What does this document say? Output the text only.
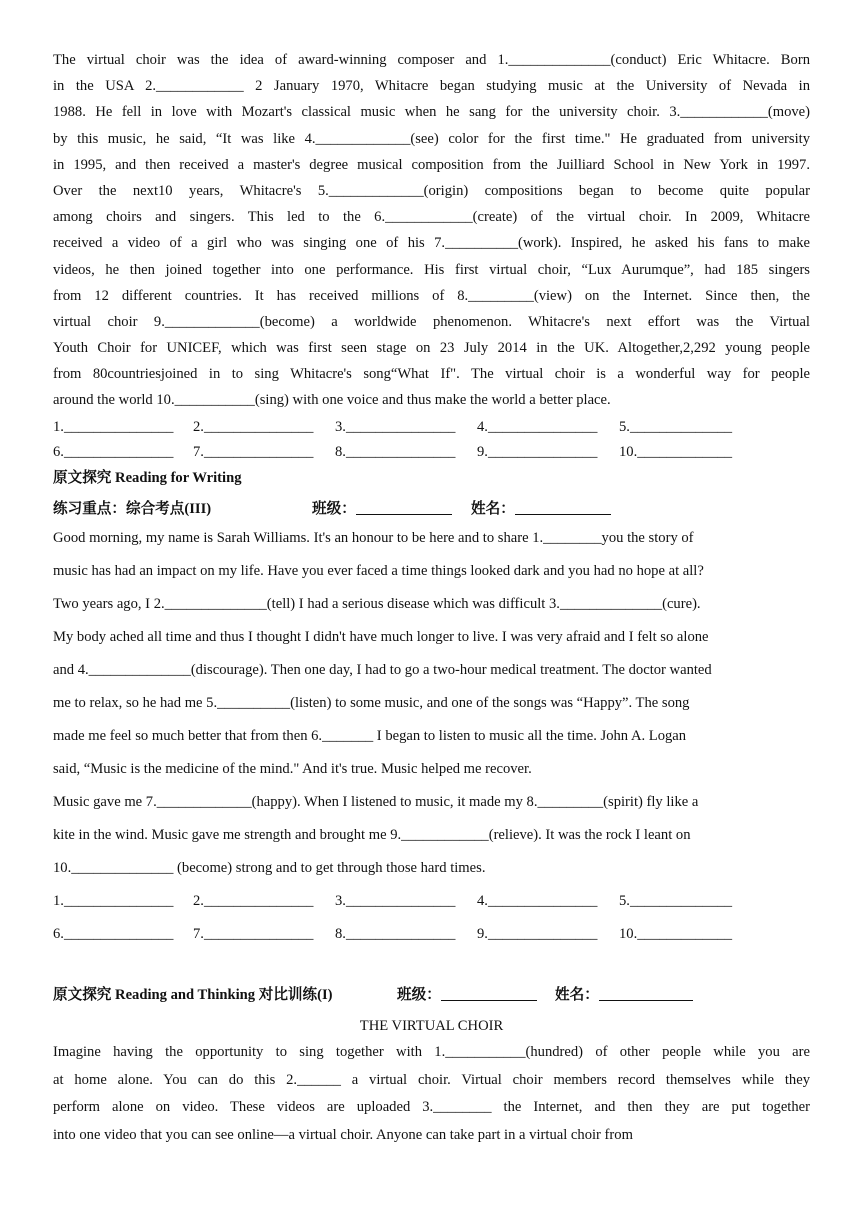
The virtual choir was the idea of award-winning composer and 1.______________(conduct) Eric Whitacre. Born
in the USA 2.____________ 2 January 1970, Whitacre began studying music at the University of Nevada in
1988. He fell in love with Mozart's classical music when he sang for the university choir. 3.____________(move)
by this music, he said, “It was like 4._____________(see) color for the first time." He graduated from university
in 1995, and then received a master's degree musical composition from the Juilliard School in New York in 1997.
Over the next10 years, Whitacre's 5._____________(origin) compositions began to become quite popular
among choirs and singers. This led to the 6.____________(create) of the virtual choir. In 2009, Whitacre
received a video of a girl who was singing one of his 7.__________(work). Inspired, he asked his fans to make
videos, he then joined together into one performance. His first virtual choir, “Lux Aurumque”, had 185 singers
from 12 different countries. It has received millions of 8._________(view) on the Internet. Since then, the
virtual choir 9._____________(become) a worldwide phenomenon. Whitacre's next effort was the Virtual
Youth Choir for UNICEF, which was first seen stage on 23 July 2014 in the UK. Altogether,2,292 young people
from 80countriesjoined in to sing Whitacre's song“What If". The virtual choir is a wonderful way for people
around the world 10.___________(sing) with one voice and thus make the world a better place.
1._______________ 2._______________ 3._______________ 4._______________ 5.______________
6._______________ 7._______________ 8._______________ 9._______________ 10._____________
原文探究 Reading for Writing
练习重点：综合考点(III)	班级：	姓名：
Good morning, my name is Sarah Williams. It's an honour to be here and to share 1.________you the story of
music has had an impact on my life. Have you ever faced a time things looked dark and you had no hope at all?
Two years ago, I 2.______________(tell) I had a serious disease which was difficult 3.______________(cure).
My body ached all time and thus I thought I didn't have much longer to live. I was very afraid and I felt so alone
and 4.______________(discourage). Then one day, I had to go a two-hour medical treatment. The doctor wanted
me to relax, so he had me 5.__________(listen) to some music, and one of the songs was “Happy”. The song
made me feel so much better that from then 6._______ I began to listen to music all the time. John A. Logan
said, “Music is the medicine of the mind." And it's true. Music helped me recover.
Music gave me 7._____________(happy). When I listened to music, it made my 8._________(spirit) fly like a
kite in the wind. Music gave me strength and brought me 9.____________(relieve). It was the rock I leant on
10.______________ (become) strong and to get through those hard times.
1._______________ 2._______________ 3._______________ 4._______________ 5.______________
6._______________ 7._______________ 8._______________ 9._______________ 10._____________
原文探究 Reading and Thinking 对比训练(I)	班级：	姓名：
THE VIRTUAL CHOIR
Imagine having the opportunity to sing together with 1.___________(hundred) of other people while you are
at home alone. You can do this 2.______ a virtual choir. Virtual choir members record themselves while they
perform alone on video. These videos are uploaded 3.________ the Internet, and then they are put together
into one video that you can see online—a virtual choir. Anyone can take part in a virtual choir from
